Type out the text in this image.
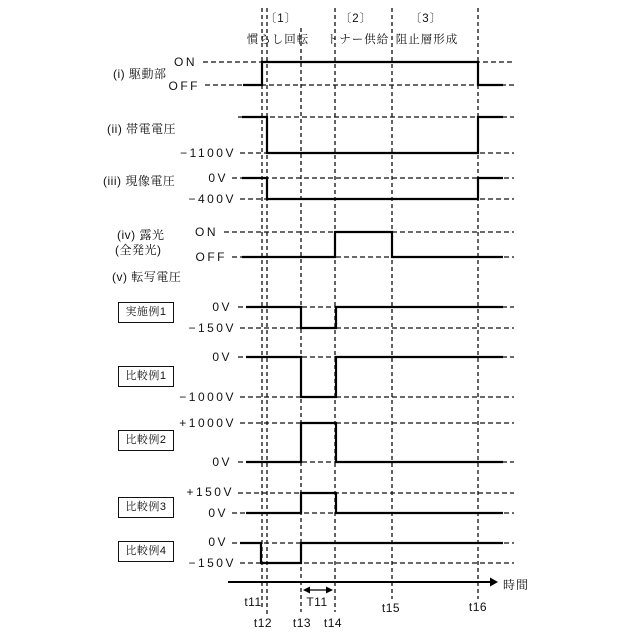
〔1〕	〔2〕	〔3〕
慣らし回転 トナー供給 阻止層形成
(i) 駆動部
(ii) 帯電電圧
(iii) 現像電圧
(iv) 露光
(全発光)
(v) 転写電圧
実施例1
比較例1
比較例2
比較例3
比較例4
ON
OFF
−1100V
0V
−400V
ON
OFF
0V
−150V
0V
−1000V
+1000V
0V
+150V
0V
0V
−150V
t11
t12 t13 t14
T11	t15	t16
時間
